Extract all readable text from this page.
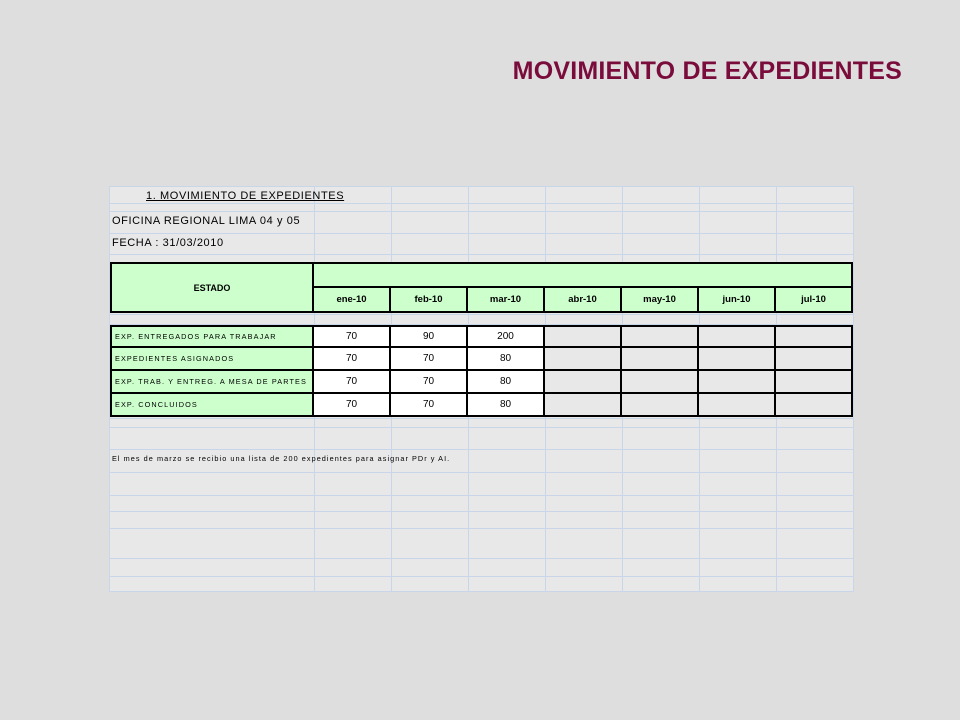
MOVIMIENTO DE EXPEDIENTES
1. MOVIMIENTO DE EXPEDIENTES
OFICINA REGIONAL LIMA 04 y 05
FECHA : 31/03/2010
ESTADO
ene-10	feb-10	mar-10	abr-10	may-10	jun-10	jul-10
EXP. ENTREGADOS PARA TRABAJAR	70	90	200
EXPEDIENTES ASIGNADOS	70	70	80
EXP. TRAB. Y ENTREG. A MESA DE PARTES	70	70	80
EXP. CONCLUIDOS	70	70	80
El mes de marzo se recibio una lista de 200 expedientes para asignar PDr y AI.
